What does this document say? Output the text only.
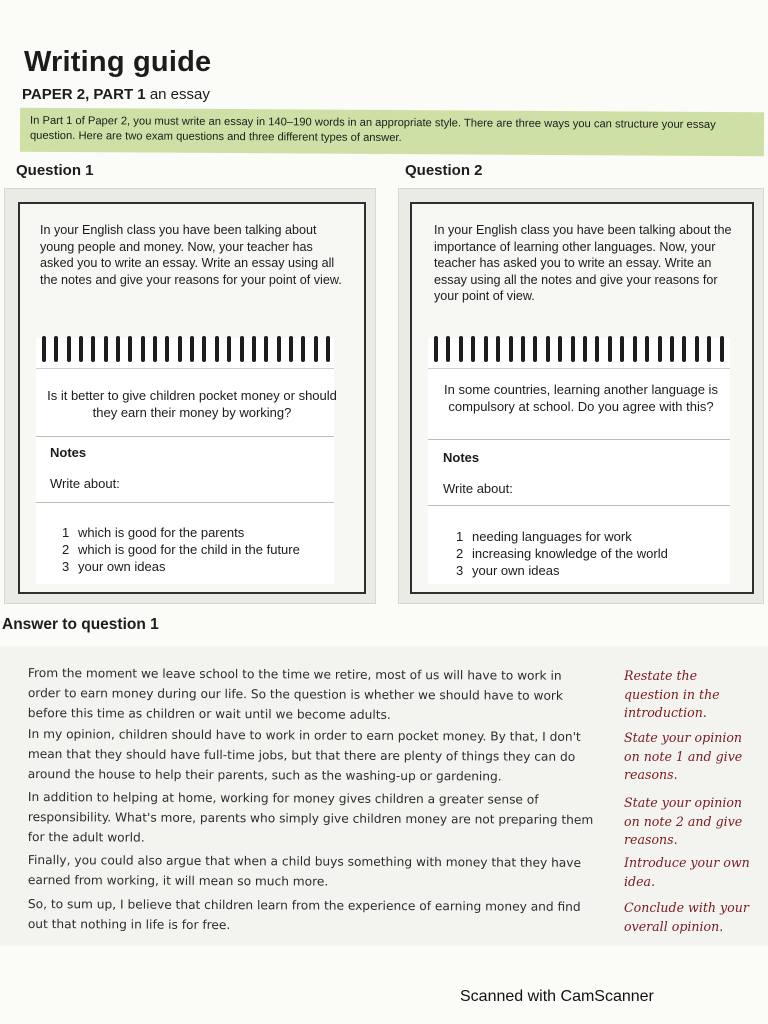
Writing guide
PAPER 2, PART 1 an essay
In Part 1 of Paper 2, you must write an essay in 140–190 words in an appropriate style. There are three ways you can structure your essay question. Here are two exam questions and three different types of answer.
Question 1	Question 2
In your English class you have been talking about young people and money. Now, your teacher has asked you to write an essay. Write an essay using all the notes and give your reasons for your point of view.
Is it better to give children pocket money or should they earn their money by working?
Notes
Write about:
1 which is good for the parents
2 which is good for the child in the future
3 your own ideas
In your English class you have been talking about the importance of learning other languages. Now, your teacher has asked you to write an essay. Write an essay using all the notes and give your reasons for your point of view.
In some countries, learning another language is compulsory at school. Do you agree with this?
Notes
Write about:
1 needing languages for work
2 increasing knowledge of the world
3 your own ideas
Answer to question 1
From the moment we leave school to the time we retire, most of us will have to work in order to earn money during our life. So the question is whether we should have to work before this time as children or wait until we become adults.
In my opinion, children should have to work in order to earn pocket money. By that, I don't mean that they should have full-time jobs, but that there are plenty of things they can do around the house to help their parents, such as the washing-up or gardening.
In addition to helping at home, working for money gives children a greater sense of responsibility. What's more, parents who simply give children money are not preparing them for the adult world.
Finally, you could also argue that when a child buys something with money that they have earned from working, it will mean so much more.
So, to sum up, I believe that children learn from the experience of earning money and find out that nothing in life is for free.
Restate the question in the introduction.
State your opinion on note 1 and give reasons.
State your opinion on note 2 and give reasons.
Introduce your own idea.
Conclude with your overall opinion.
Scanned with CamScanner
